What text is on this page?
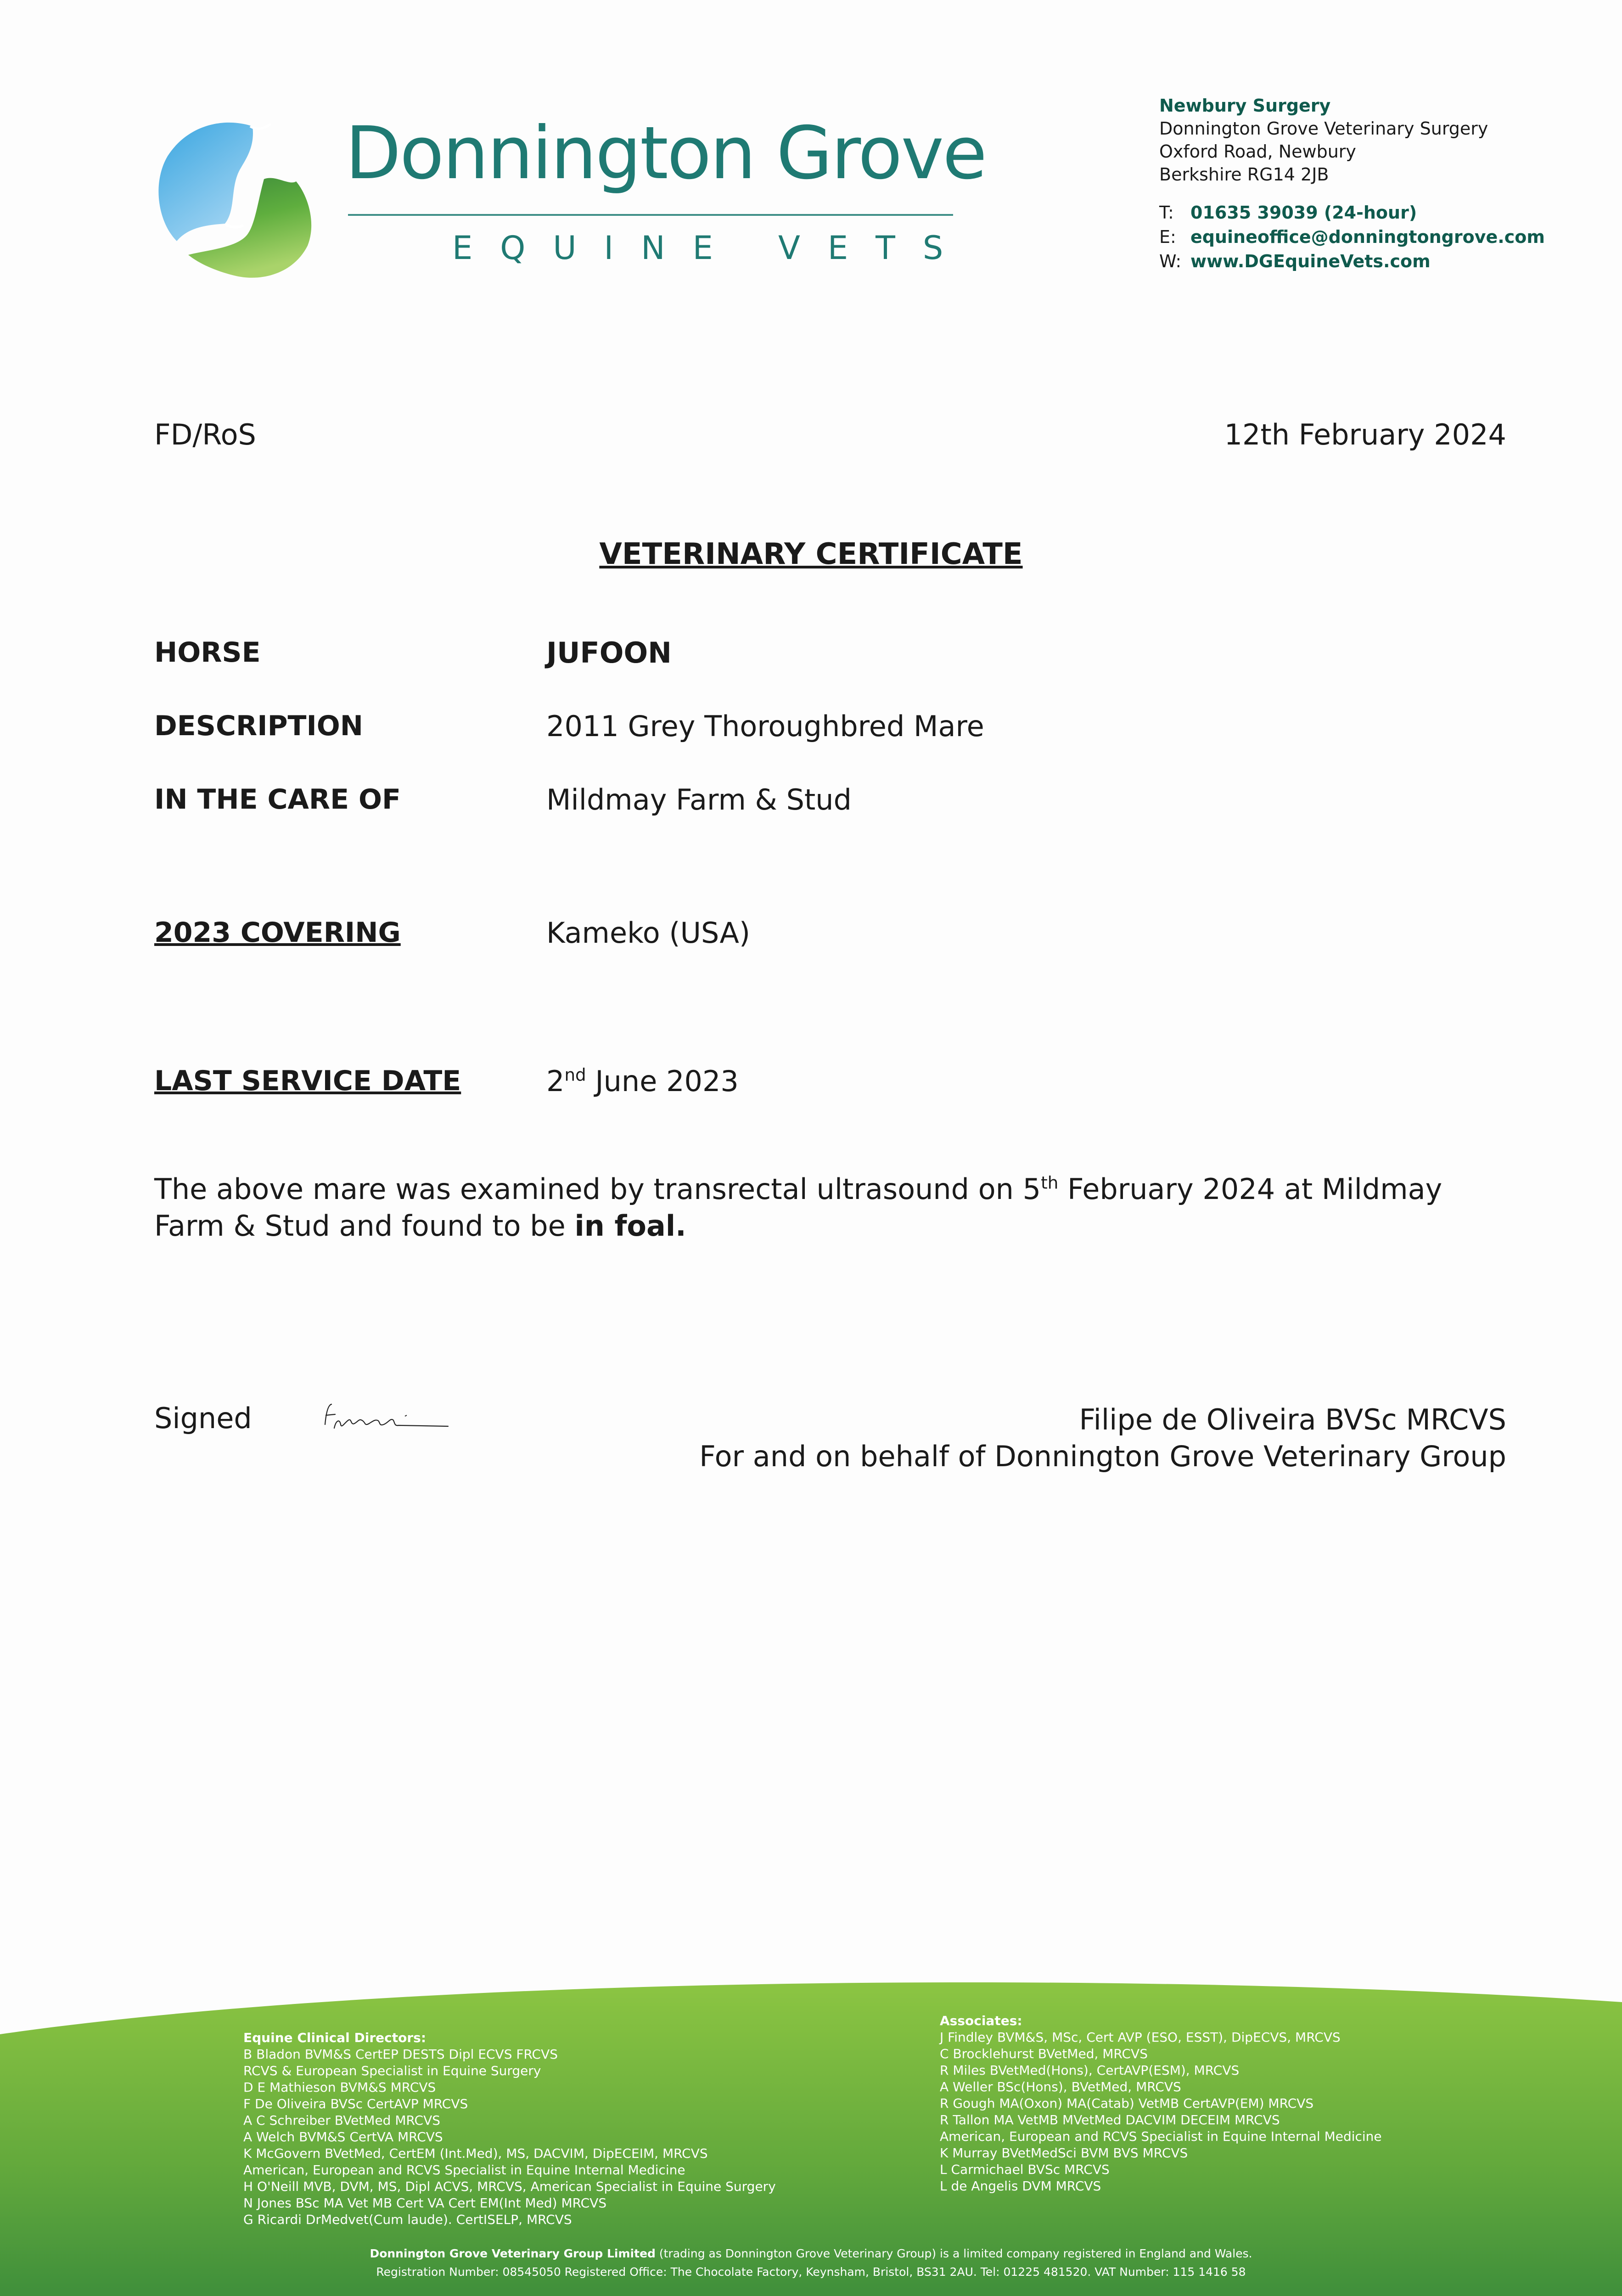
Donnington Grove
EQUINE VETS
Newbury Surgery
Donnington Grove Veterinary Surgery
Oxford Road, Newbury
Berkshire RG14 2JB
T: 01635 39039 (24-hour)
E: equineoffice@donningtongrove.com
W: www.DGEquineVets.com
FD/RoS	12th February 2024
VETERINARY CERTIFICATE
HORSE	JUFOON
DESCRIPTION	2011 Grey Thoroughbred Mare
IN THE CARE OF	Mildmay Farm & Stud
2023 COVERING	Kameko (USA)
LAST SERVICE DATE	2nd June 2023
The above mare was examined by transrectal ultrasound on 5th February 2024 at Mildmay Farm & Stud and found to be in foal.
Signed	Filipe de Oliveira BVSc MRCVS
For and on behalf of Donnington Grove Veterinary Group
Equine Clinical Directors:
B Bladon BVM&S CertEP DESTS Dipl ECVS FRCVS
RCVS & European Specialist in Equine Surgery
D E Mathieson BVM&S MRCVS
F De Oliveira BVSc CertAVP MRCVS
A C Schreiber BVetMed MRCVS
A Welch BVM&S CertVA MRCVS
K McGovern BVetMed, CertEM (Int.Med), MS, DACVIM, DipECEIM, MRCVS
American, European and RCVS Specialist in Equine Internal Medicine
H O'Neill MVB, DVM, MS, Dipl ACVS, MRCVS, American Specialist in Equine Surgery
N Jones BSc MA Vet MB Cert VA Cert EM(Int Med) MRCVS
G Ricardi DrMedvet(Cum laude). CertISELP, MRCVS
Associates:
J Findley BVM&S, MSc, Cert AVP (ESO, ESST), DipECVS, MRCVS
C Brocklehurst BVetMed, MRCVS
R Miles BVetMed(Hons), CertAVP(ESM), MRCVS
A Weller BSc(Hons), BVetMed, MRCVS
R Gough MA(Oxon) MA(Catab) VetMB CertAVP(EM) MRCVS
R Tallon MA VetMB MVetMed DACVIM DECEIM MRCVS
American, European and RCVS Specialist in Equine Internal Medicine
K Murray BVetMedSci BVM BVS MRCVS
L Carmichael BVSc MRCVS
L de Angelis DVM MRCVS
Donnington Grove Veterinary Group Limited (trading as Donnington Grove Veterinary Group) is a limited company registered in England and Wales.
Registration Number: 08545050 Registered Office: The Chocolate Factory, Keynsham, Bristol, BS31 2AU. Tel: 01225 481520. VAT Number: 115 1416 58
